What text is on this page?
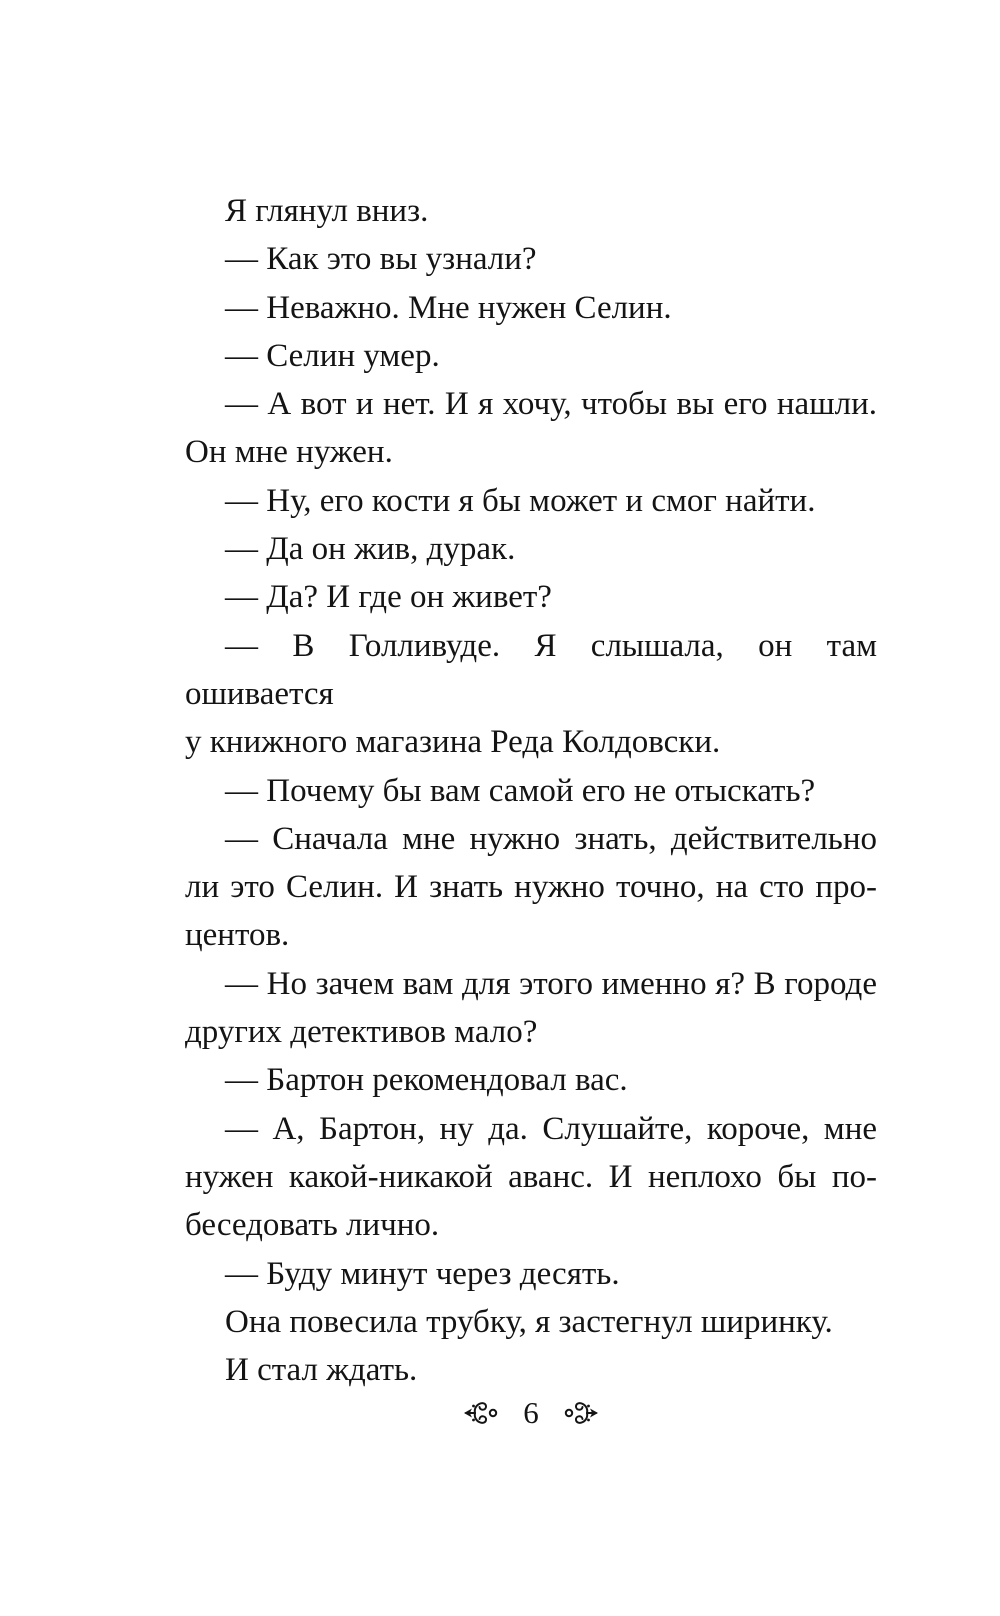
Я глянул вниз.
— Как это вы узнали?
— Неважно. Мне нужен Селин.
— Селин умер.
— А вот и нет. И я хочу, чтобы вы его нашли.
Он мне нужен.
— Ну, его кости я бы может и смог найти.
— Да он жив, дурак.
— Да? И где он живет?
— В Голливуде. Я слышала, он там ошивается
у книжного магазина Реда Колдовски.
— Почему бы вам самой его не отыскать?
— Сначала мне нужно знать, действительно
ли это Селин. И знать нужно точно, на сто про-
центов.
— Но зачем вам для этого именно я? В городе
других детективов мало?
— Бартон рекомендовал вас.
— А, Бартон, ну да. Слушайте, короче, мне
нужен какой-никакой аванс. И неплохо бы по-
беседовать лично.
— Буду минут через десять.
Она повесила трубку, я застегнул ширинку.
И стал ждать.
6
